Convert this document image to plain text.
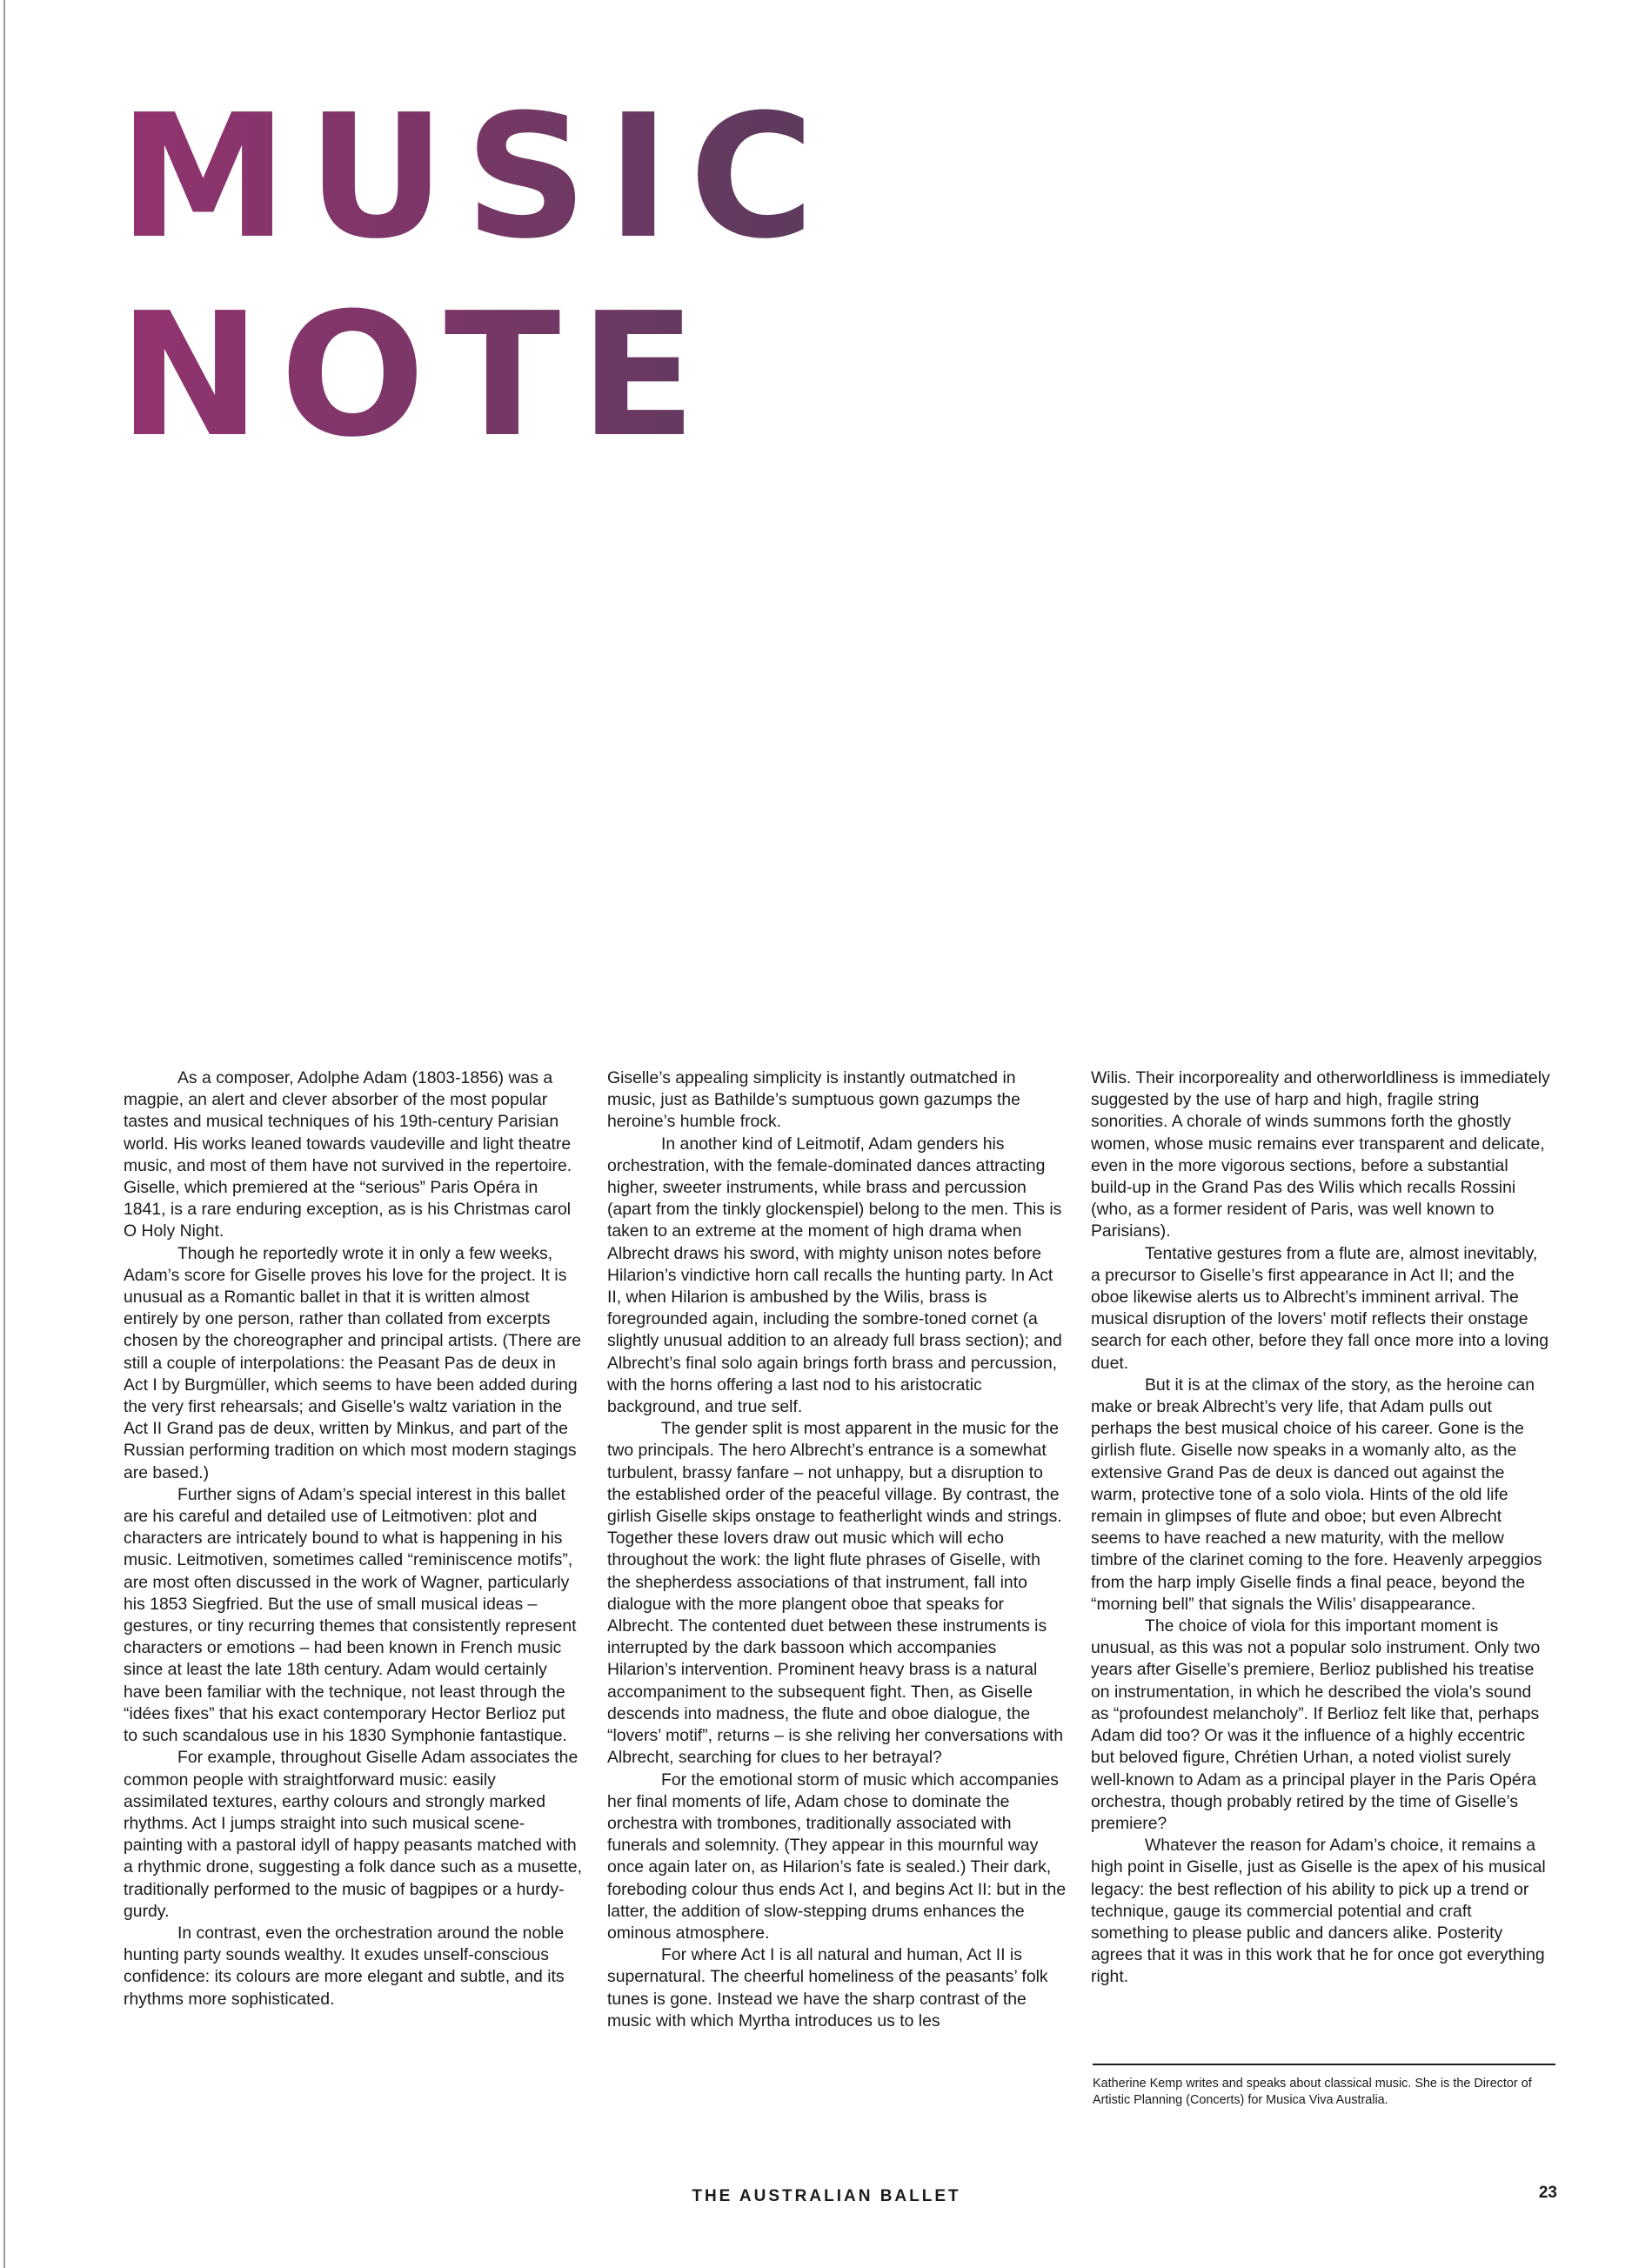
MUSIC
NOTE

As a composer, Adolphe Adam (1803-1856) was a magpie, an alert and clever absorber of the most popular tastes and musical techniques of his 19th-century Parisian world. His works leaned towards vaudeville and light theatre music, and most of them have not survived in the repertoire. Giselle, which premiered at the “serious” Paris Opéra in 1841, is a rare enduring exception, as is his Christmas carol O Holy Night.

Though he reportedly wrote it in only a few weeks, Adam’s score for Giselle proves his love for the project. It is unusual as a Romantic ballet in that it is written almost entirely by one person, rather than collated from excerpts chosen by the choreographer and principal artists. (There are still a couple of interpolations: the Peasant Pas de deux in Act I by Burgmüller, which seems to have been added during the very first rehearsals; and Giselle’s waltz variation in the Act II Grand pas de deux, written by Minkus, and part of the Russian performing tradition on which most modern stagings are based.)

Further signs of Adam’s special interest in this ballet are his careful and detailed use of Leitmotiven: plot and characters are intricately bound to what is happening in his music. Leitmotiven, sometimes called “reminiscence motifs”, are most often discussed in the work of Wagner, particularly his 1853 Siegfried. But the use of small musical ideas – gestures, or tiny recurring themes that consistently represent characters or emotions – had been known in French music since at least the late 18th century. Adam would certainly have been familiar with the technique, not least through the “idées fixes” that his exact contemporary Hector Berlioz put to such scandalous use in his 1830 Symphonie fantastique.

For example, throughout Giselle Adam associates the common people with straightforward music: easily assimilated textures, earthy colours and strongly marked rhythms. Act I jumps straight into such musical scene-painting with a pastoral idyll of happy peasants matched with a rhythmic drone, suggesting a folk dance such as a musette, traditionally performed to the music of bagpipes or a hurdy-gurdy.

In contrast, even the orchestration around the noble hunting party sounds wealthy. It exudes unself-conscious confidence: its colours are more elegant and subtle, and its rhythms more sophisticated.

Giselle’s appealing simplicity is instantly outmatched in music, just as Bathilde’s sumptuous gown gazumps the heroine’s humble frock.

In another kind of Leitmotif, Adam genders his orchestration, with the female-dominated dances attracting higher, sweeter instruments, while brass and percussion (apart from the tinkly glockenspiel) belong to the men. This is taken to an extreme at the moment of high drama when Albrecht draws his sword, with mighty unison notes before Hilarion’s vindictive horn call recalls the hunting party. In Act II, when Hilarion is ambushed by the Wilis, brass is foregrounded again, including the sombre-toned cornet (a slightly unusual addition to an already full brass section); and Albrecht’s final solo again brings forth brass and percussion, with the horns offering a last nod to his aristocratic background, and true self.

The gender split is most apparent in the music for the two principals. The hero Albrecht’s entrance is a somewhat turbulent, brassy fanfare – not unhappy, but a disruption to the established order of the peaceful village. By contrast, the girlish Giselle skips onstage to featherlight winds and strings. Together these lovers draw out music which will echo throughout the work: the light flute phrases of Giselle, with the shepherdess associations of that instrument, fall into dialogue with the more plangent oboe that speaks for Albrecht. The contented duet between these instruments is interrupted by the dark bassoon which accompanies Hilarion’s intervention. Prominent heavy brass is a natural accompaniment to the subsequent fight. Then, as Giselle descends into madness, the flute and oboe dialogue, the “lovers’ motif”, returns – is she reliving her conversations with Albrecht, searching for clues to her betrayal?

For the emotional storm of music which accompanies her final moments of life, Adam chose to dominate the orchestra with trombones, traditionally associated with funerals and solemnity. (They appear in this mournful way once again later on, as Hilarion’s fate is sealed.) Their dark, foreboding colour thus ends Act I, and begins Act II: but in the latter, the addition of slow-stepping drums enhances the ominous atmosphere.

For where Act I is all natural and human, Act II is supernatural. The cheerful homeliness of the peasants’ folk tunes is gone. Instead we have the sharp contrast of the music with which Myrtha introduces us to les

Wilis. Their incorporeality and otherworldliness is immediately suggested by the use of harp and high, fragile string sonorities. A chorale of winds summons forth the ghostly women, whose music remains ever transparent and delicate, even in the more vigorous sections, before a substantial build-up in the Grand Pas des Wilis which recalls Rossini (who, as a former resident of Paris, was well known to Parisians).

Tentative gestures from a flute are, almost inevitably, a precursor to Giselle’s first appearance in Act II; and the oboe likewise alerts us to Albrecht’s imminent arrival. The musical disruption of the lovers’ motif reflects their onstage search for each other, before they fall once more into a loving duet.

But it is at the climax of the story, as the heroine can make or break Albrecht’s very life, that Adam pulls out perhaps the best musical choice of his career. Gone is the girlish flute. Giselle now speaks in a womanly alto, as the extensive Grand Pas de deux is danced out against the warm, protective tone of a solo viola. Hints of the old life remain in glimpses of flute and oboe; but even Albrecht seems to have reached a new maturity, with the mellow timbre of the clarinet coming to the fore. Heavenly arpeggios from the harp imply Giselle finds a final peace, beyond the “morning bell” that signals the Wilis’ disappearance.

The choice of viola for this important moment is unusual, as this was not a popular solo instrument. Only two years after Giselle’s premiere, Berlioz published his treatise on instrumentation, in which he described the viola’s sound as “profoundest melancholy”. If Berlioz felt like that, perhaps Adam did too? Or was it the influence of a highly eccentric but beloved figure, Chrétien Urhan, a noted violist surely well-known to Adam as a principal player in the Paris Opéra orchestra, though probably retired by the time of Giselle’s premiere?

Whatever the reason for Adam’s choice, it remains a high point in Giselle, just as Giselle is the apex of his musical legacy: the best reflection of his ability to pick up a trend or technique, gauge its commercial potential and craft something to please public and dancers alike. Posterity agrees that it was in this work that he for once got everything right.

Katherine Kemp writes and speaks about classical music. She is the Director of Artistic Planning (Concerts) for Musica Viva Australia.
THE AUSTRALIAN BALLET	23
